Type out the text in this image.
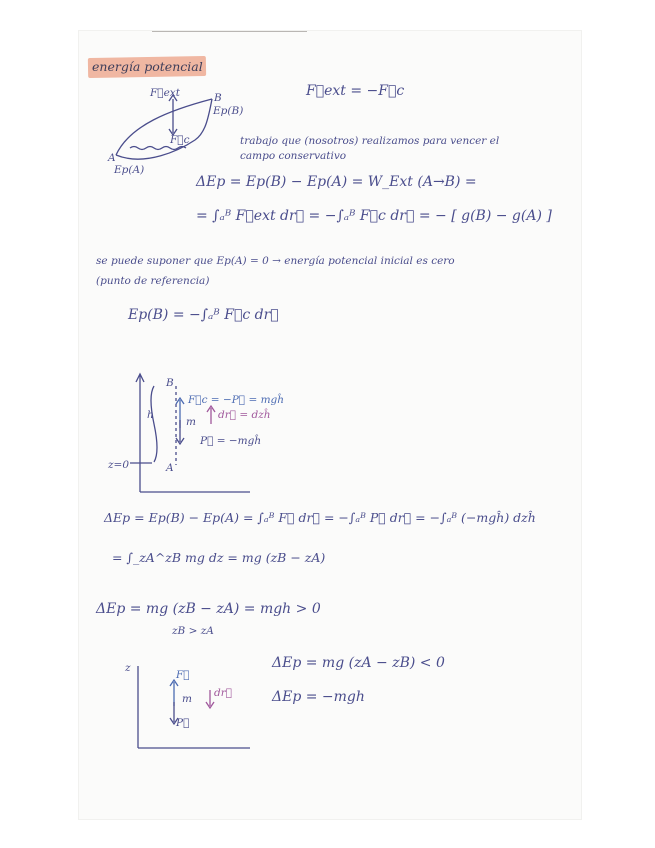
energía potencial
F⃗ext	B
Ep(B)
F⃗c
A
Ep(A)
F⃗ext = −F⃗c
trabajo que (nosotros) realizamos para vencer el
campo conservativo
ΔEp = Ep(B) − Ep(A) = W_Ext (A→B) =
= ∫ₐᴮ F⃗ext dr⃗ = −∫ₐᴮ F⃗c dr⃗ = − [ g(B) − g(A) ]
se puede suponer que Ep(A) = 0 → energía potencial inicial es cero
(punto de referencia)
Ep(B) = −∫ₐᴮ F⃗c dr⃗
B
h
F⃗c = −P⃗ = mgĥ
m
dr⃗ = dzĥ
P⃗ = −mgĥ
z=0	A
ΔEp = Ep(B) − Ep(A) = ∫ₐᴮ F⃗ dr⃗ = −∫ₐᴮ P⃗ dr⃗ = −∫ₐᴮ (−mgĥ) dzĥ
= ∫_zA^zB mg dz = mg (zB − zA)
ΔEp = mg (zB − zA) = mgh > 0
zB > zA
z
F⃗
m dr⃗
P⃗
ΔEp = mg (zA − zB) < 0
ΔEp = −mgh
